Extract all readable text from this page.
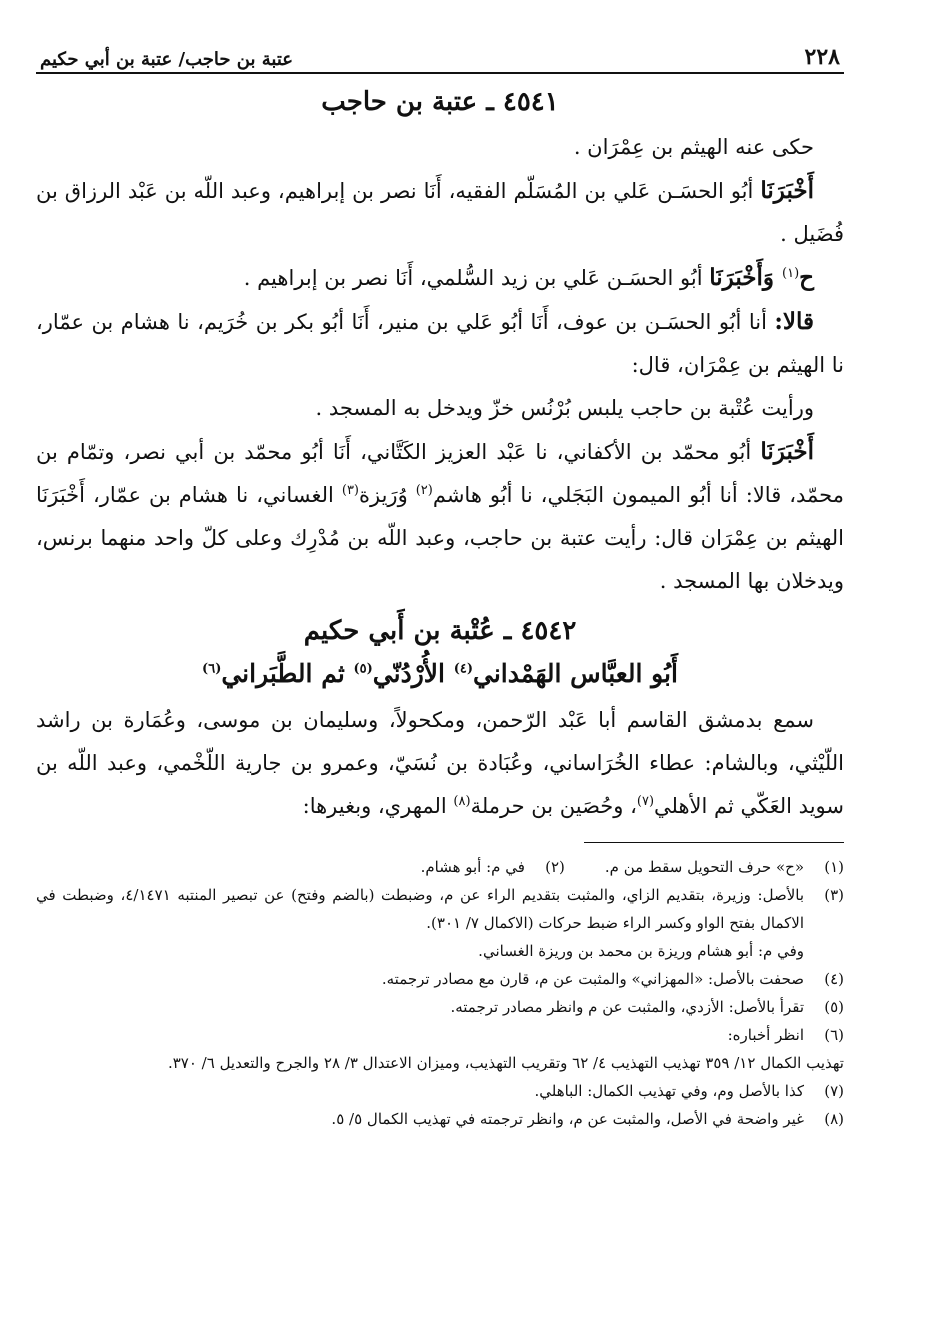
٢٢٨
عتبة بن حاجب/ عتبة بن أبي حكيم
٤٥٤١ ـ عتبة بن حاجب

حكى عنه الهيثم بن عِمْرَان .

أَخْبَرَنَا أبُو الحسَـن عَلي بن المُسَلّم الفقيه، أَنَا نصر بن إبراهيم، وعبد اللّه بن عَبْد الرزاق بن فُضَيل .

ح$^{(١)}$ وَأَخْبَرَنَا أبُو الحسَـن عَلي بن زيد السُّلمي، أَنَا نصر بن إبراهيم .

قالا: أنا أبُو الحسَـن بن عوف، أَنَا أبُو عَلي بن منير، أَنَا أبُو بكر بن خُرَيم، نا هشام بن عمّار، نا الهيثم بن عِمْرَان، قال:

ورأيت عُتْبة بن حاجب يلبس بُرْنُس خزّ ويدخل به المسجد .

أَخْبَرَنَا أبُو محمّد بن الأكفاني، نا عَبْد العزيز الكَتَّاني، أَنَا أبُو محمّد بن أبي نصر، وتمّام بن محمّد، قالا: أنا أبُو الميمون البَجَلي، نا أبُو هاشم$^{(٢)}$ وُرَيزة$^{(٣)}$ الغساني، نا هشام بن عمّار، أَخْبَرَنَا الهيثم بن عِمْرَان قال: رأيت عتبة بن حاجب، وعبد اللّه بن مُدْرِك وعلى كلّ واحد منهما برنس، ويدخلان بها المسجد .

٤٥٤٢ ـ عُتْبة بن أَبي حكيم
أَبُو العبَّاس الهَمْداني$^{(٤)}$ الأُرْدُنّي$^{(٥)}$ ثم الطَّبَراني$^{(٦)}$

سمع بدمشق القاسم أبا عَبْد الرّحمن، ومكحولاً، وسليمان بن موسى، وعُمَارة بن راشد اللّيْثي، وبالشام: عطاء الخُرَاساني، وعُبَادة بن نُسَيّ، وعمرو بن جارية اللّخْمي، وعبد اللّه بن سويد العَكّي ثم الأهلي$^{(٧)}$، وحُصَين بن حرملة$^{(٨)}$ المهري، وبغيرها:

(١)
«ح» حرف التحويل سقط من م.
(٢)
في م: أبو هشام.

(٣)
بالأصل: وزيرة، بتقديم الزاي، والمثبت بتقديم الراء عن م، وضبطت (بالضم وفتح) عن تبصير المنتبه ٤/١٤٧١، وضبطت في الاكمال بفتح الواو وكسر الراء ضبط حركات (الاكمال ٧/ ٣٠١).

وفي م: أبو هشام وريزة بن محمد بن وريزة الغساني.

(٤)
صحفت بالأصل: «المهزاني» والمثبت عن م، قارن مع مصادر ترجمته.

(٥)
تقرأ بالأصل: الأزدي، والمثبت عن م وانظر مصادر ترجمته.

(٦)
انظر أخباره:

تهذيب الكمال ١٢/ ٣٥٩ تهذيب التهذيب ٤/ ٦٢ وتقريب التهذيب، وميزان الاعتدال ٣/ ٢٨ والجرح والتعديل ٦/ ٣٧٠.

(٧)
كذا بالأصل وم، وفي تهذيب الكمال: الباهلي.

(٨)
غير واضحة في الأصل، والمثبت عن م، وانظر ترجمته في تهذيب الكمال ٥/ ٥.
